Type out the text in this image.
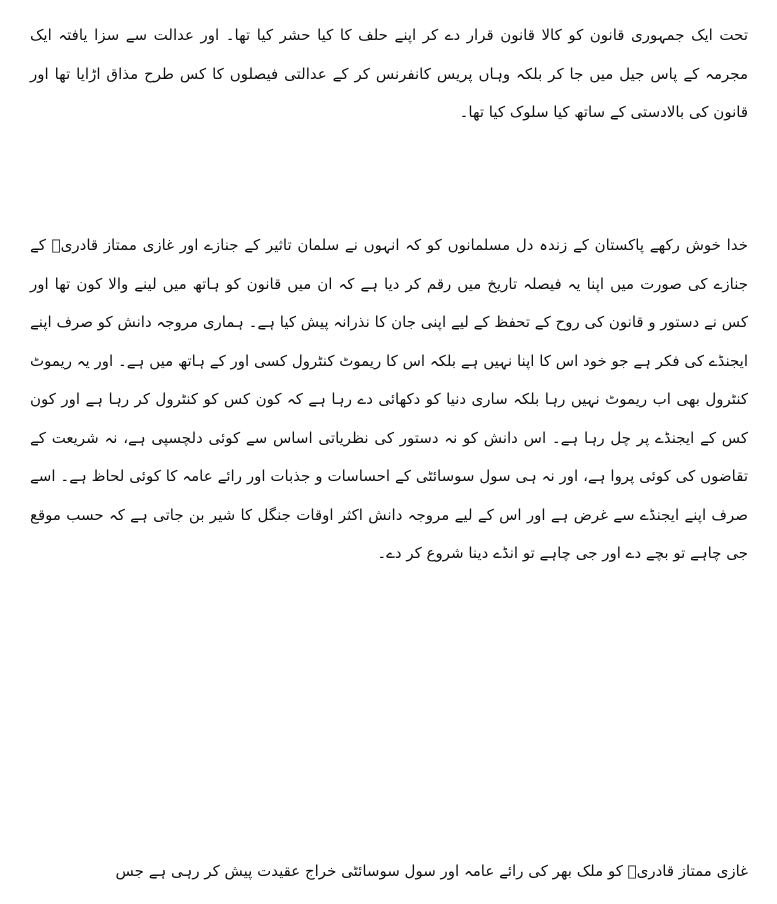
تحت ایک جمہوری قانون کو کالا قانون قرار دے کر اپنے حلف کا کیا حشر کیا تھا۔ اور عدالت سے سزا یافتہ ایک مجرمہ کے پاس جیل میں جا کر بلکہ وہاں پریس کانفرنس کر کے عدالتی فیصلوں کا کس طرح مذاق اڑایا تھا اور قانون کی بالادستی کے ساتھ کیا سلوک کیا تھا۔

خدا خوش رکھے پاکستان کے زندہ دل مسلمانوں کو کہ انہوں نے سلمان تاثیر کے جنازے اور غازی ممتاز قادریؒ کے جنازے کی صورت میں اپنا یہ فیصلہ تاریخ میں رقم کر دیا ہے کہ ان میں قانون کو ہاتھ میں لینے والا کون تھا اور کس نے دستور و قانون کی روح کے تحفظ کے لیے اپنی جان کا نذرانہ پیش کیا ہے۔ ہماری مروجہ دانش کو صرف اپنے ایجنڈے کی فکر ہے جو خود اس کا اپنا نہیں ہے بلکہ اس کا ریموٹ کنٹرول کسی اور کے ہاتھ میں ہے۔ اور یہ ریموٹ کنٹرول بھی اب ریموٹ نہیں رہا بلکہ ساری دنیا کو دکھائی دے رہا ہے کہ کون کس کو کنٹرول کر رہا ہے اور کون کس کے ایجنڈے پر چل رہا ہے۔ اس دانش کو نہ دستور کی نظریاتی اساس سے کوئی دلچسپی ہے، نہ شریعت کے تقاضوں کی کوئی پروا ہے، اور نہ ہی سول سوسائٹی کے احساسات و جذبات اور رائے عامہ کا کوئی لحاظ ہے۔ اسے صرف اپنے ایجنڈے سے غرض ہے اور اس کے لیے مروجہ دانش اکثر اوقات جنگل کا شیر بن جاتی ہے کہ حسب موقع جی چاہے تو بچے دے اور جی چاہے تو انڈے دینا شروع کر دے۔

غازی ممتاز قادریؒ کو ملک بھر کی رائے عامہ اور سول سوسائٹی خراج عقیدت پیش کر رہی ہے جس
